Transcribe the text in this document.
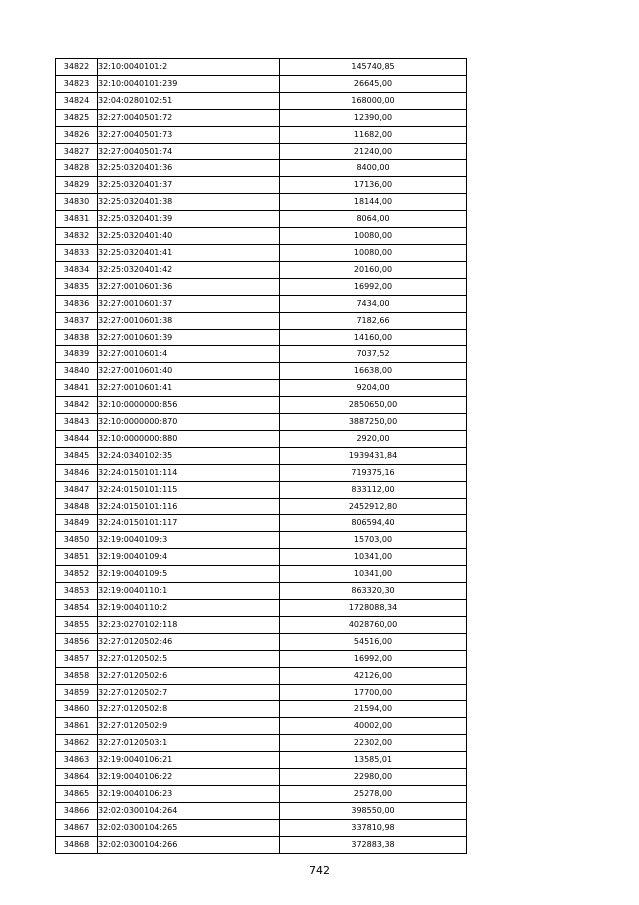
34822	32:10:0040101:2	145740,85
34823	32:10:0040101:239	26645,00
34824	32:04:0280102:51	168000,00
34825	32:27:0040501:72	12390,00
34826	32:27:0040501:73	11682,00
34827	32:27:0040501:74	21240,00
34828	32:25:0320401:36	8400,00
34829	32:25:0320401:37	17136,00
34830	32:25:0320401:38	18144,00
34831	32:25:0320401:39	8064,00
34832	32:25:0320401:40	10080,00
34833	32:25:0320401:41	10080,00
34834	32:25:0320401:42	20160,00
34835	32:27:0010601:36	16992,00
34836	32:27:0010601:37	7434,00
34837	32:27:0010601:38	7182,66
34838	32:27:0010601:39	14160,00
34839	32:27:0010601:4	7037,52
34840	32:27:0010601:40	16638,00
34841	32:27:0010601:41	9204,00
34842	32:10:0000000:856	2850650,00
34843	32:10:0000000:870	3887250,00
34844	32:10:0000000:880	2920,00
34845	32:24:0340102:35	1939431,84
34846	32:24:0150101:114	719375,16
34847	32:24:0150101:115	833112,00
34848	32:24:0150101:116	2452912,80
34849	32:24:0150101:117	806594,40
34850	32:19:0040109:3	15703,00
34851	32:19:0040109:4	10341,00
34852	32:19:0040109:5	10341,00
34853	32:19:0040110:1	863320,30
34854	32:19:0040110:2	1728088,34
34855	32:23:0270102:118	4028760,00
34856	32:27:0120502:46	54516,00
34857	32:27:0120502:5	16992,00
34858	32:27:0120502:6	42126,00
34859	32:27:0120502:7	17700,00
34860	32:27:0120502:8	21594,00
34861	32:27:0120502:9	40002,00
34862	32:27:0120503:1	22302,00
34863	32:19:0040106:21	13585,01
34864	32:19:0040106:22	22980,00
34865	32:19:0040106:23	25278,00
34866	32:02:0300104:264	398550,00
34867	32:02:0300104:265	337810,98
34868	32:02:0300104:266	372883,38
742
